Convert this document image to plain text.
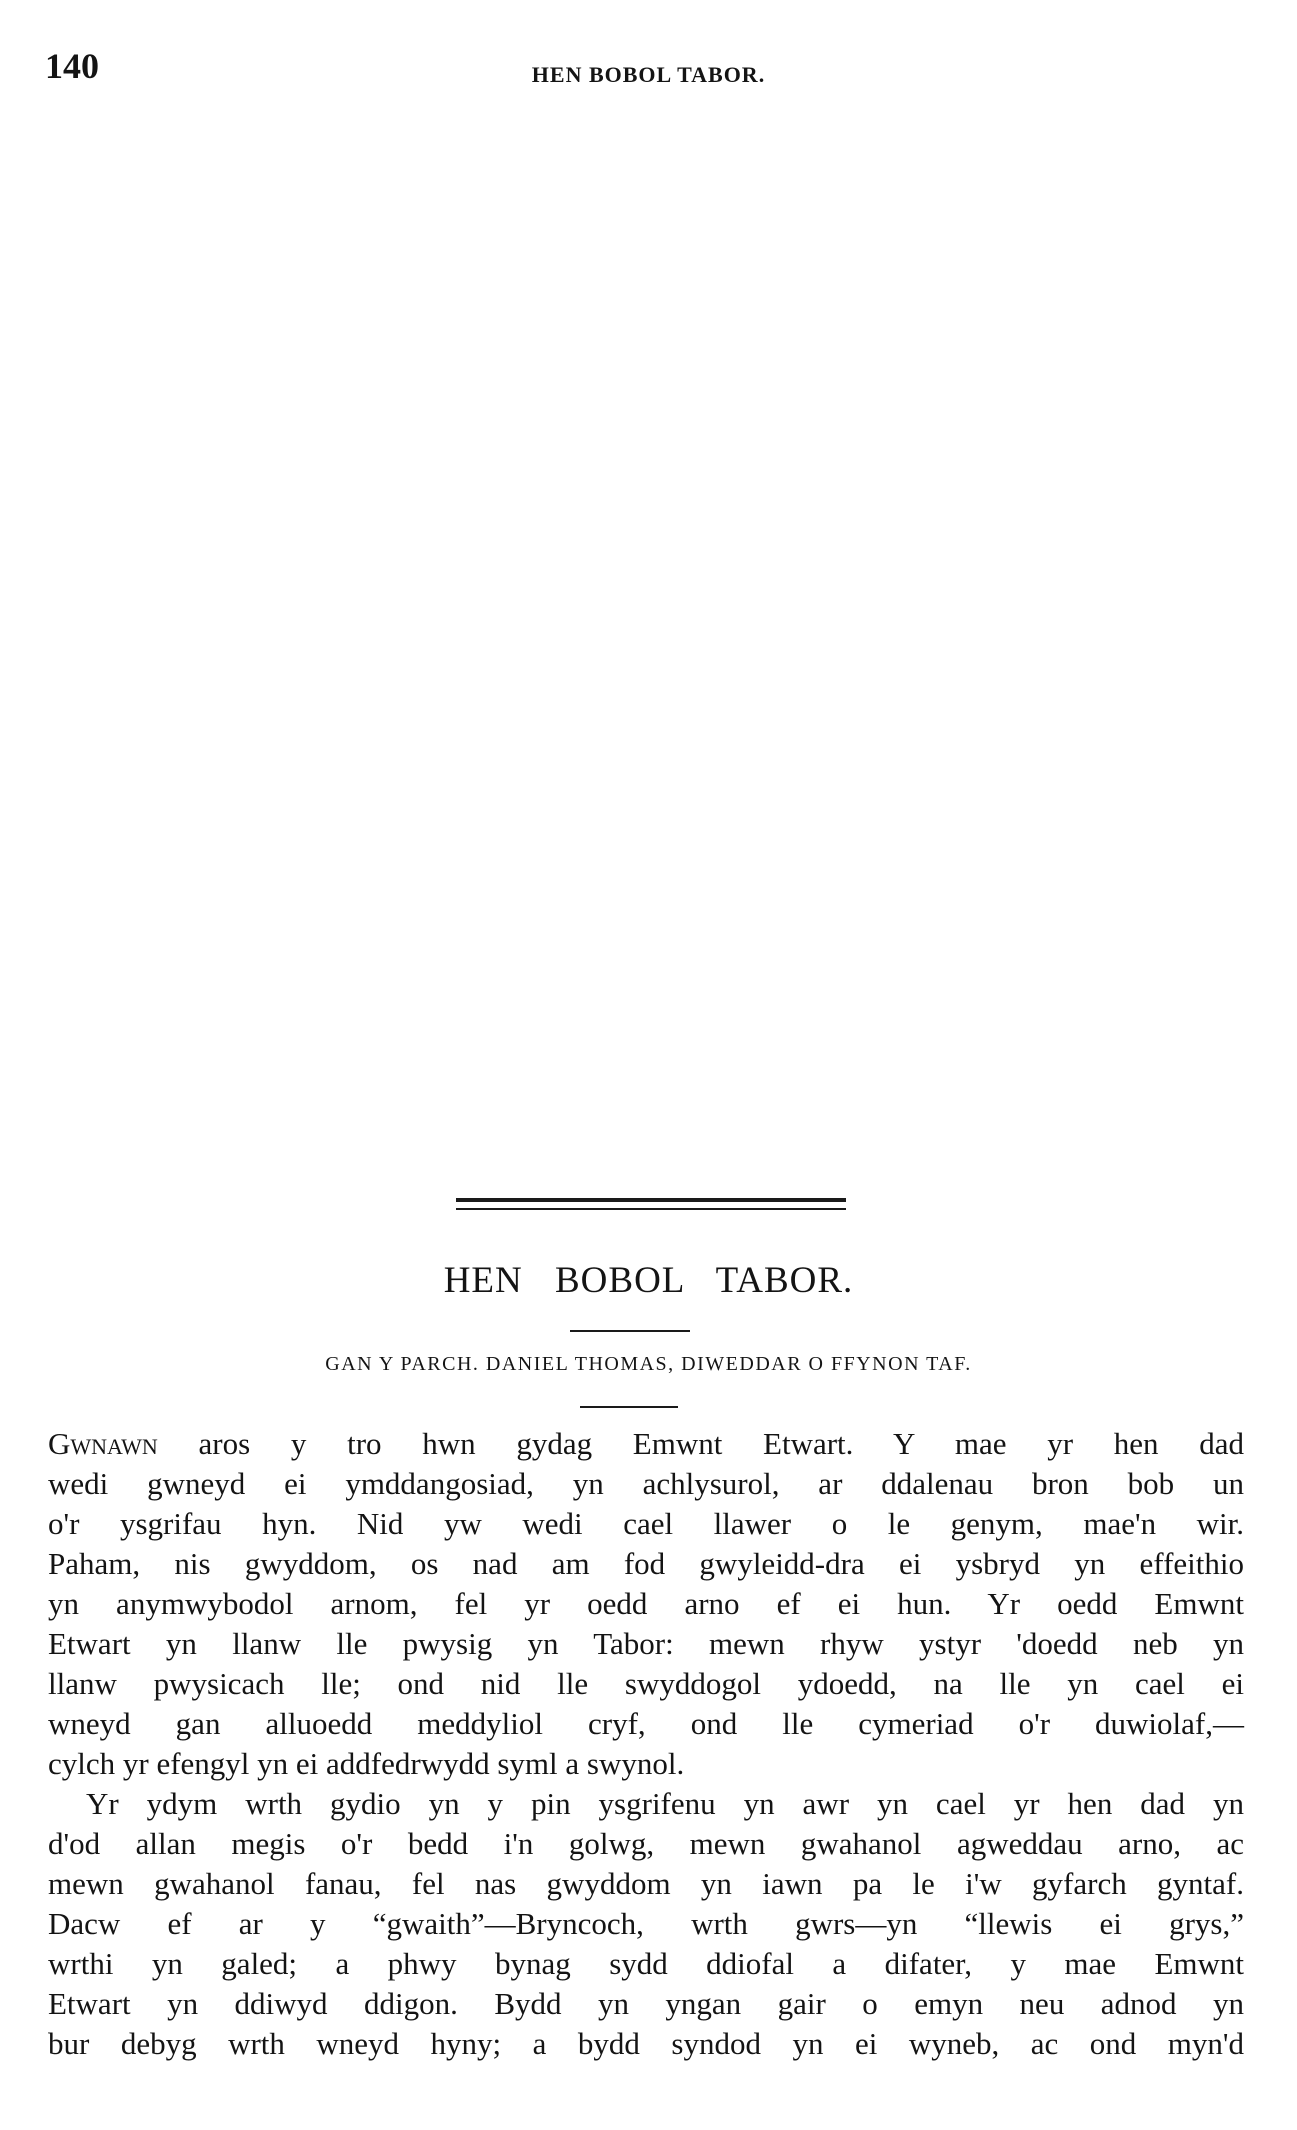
140	HEN BOBOL TABOR.
HEN BOBOL TABOR.
GAN Y PARCH. DANIEL THOMAS, DIWEDDAR O FFYNON TAF.
Gwnawn aros y tro hwn gydag Emwnt Etwart. Y mae yr hen dad
wedi gwneyd ei ymddangosiad, yn achlysurol, ar ddalenau bron bob un
o'r ysgrifau hyn. Nid yw wedi cael llawer o le genym, mae'n wir.
Paham, nis gwyddom, os nad am fod gwyleidd-dra ei ysbryd yn effeithio
yn anymwybodol arnom, fel yr oedd arno ef ei hun. Yr oedd Emwnt
Etwart yn llanw lle pwysig yn Tabor: mewn rhyw ystyr 'doedd neb yn
llanw pwysicach lle; ond nid lle swyddogol ydoedd, na lle yn cael ei
wneyd gan alluoedd meddyliol cryf, ond lle cymeriad o'r duwiolaf,—
cylch yr efengyl yn ei addfedrwydd syml a swynol.
Yr ydym wrth gydio yn y pin ysgrifenu yn awr yn cael yr hen dad yn
d'od allan megis o'r bedd i'n golwg, mewn gwahanol agweddau arno, ac
mewn gwahanol fanau, fel nas gwyddom yn iawn pa le i'w gyfarch gyntaf.
Dacw ef ar y “gwaith”—Bryncoch, wrth gwrs—yn “llewis ei grys,”
wrthi yn galed; a phwy bynag sydd ddiofal a difater, y mae Emwnt
Etwart yn ddiwyd ddigon. Bydd yn yngan gair o emyn neu adnod yn
bur debyg wrth wneyd hyny; a bydd syndod yn ei wyneb, ac ond myn'd
